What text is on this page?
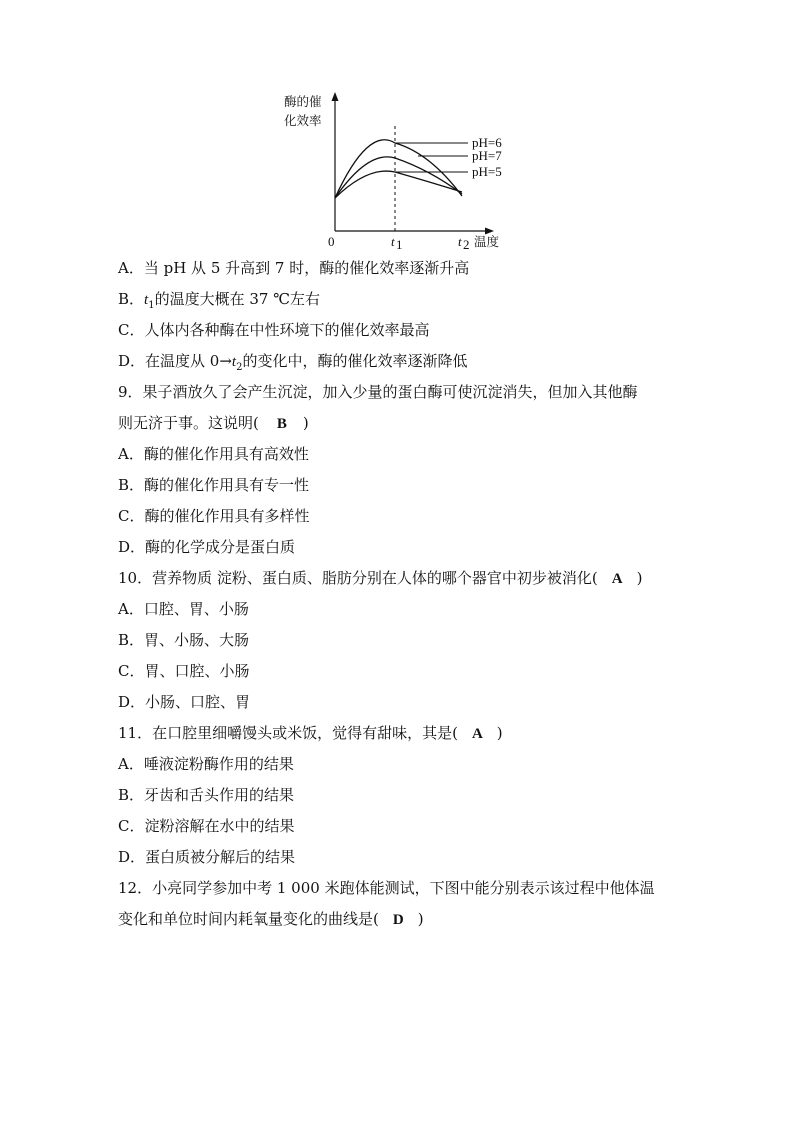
酶的催
化效率
pH=6
pH=7
pH=5
0	t 1	t 2 温度
A．当 pH 从 5 升高到 7 时，酶的催化效率逐渐升高
B．$t_1$的温度大概在 37 ℃左右
C．人体内各种酶在中性环境下的催化效率最高
D．在温度从 $0\to t_2$的变化中，酶的催化效率逐渐降低
9．果子酒放久了会产生沉淀，加入少量的蛋白酶可使沉淀消失，但加入其他酶
则无济于事。这说明( B )
A．酶的催化作用具有高效性
B．酶的催化作用具有专一性
C．酶的催化作用具有多样性
D．酶的化学成分是蛋白质
10．营养物质 淀粉、蛋白质、脂肪分别在人体的哪个器官中初步被消化( A )
A．口腔、胃、小肠
B．胃、小肠、大肠
C．胃、口腔、小肠
D．小肠、口腔、胃
11．在口腔里细嚼馒头或米饭，觉得有甜味，其是( A )
A．唾液淀粉酶作用的结果
B．牙齿和舌头作用的结果
C．淀粉溶解在水中的结果
D．蛋白质被分解后的结果
12．小亮同学参加中考 1 000 米跑体能测试，下图中能分别表示该过程中他体温
变化和单位时间内耗氧量变化的曲线是( D )
